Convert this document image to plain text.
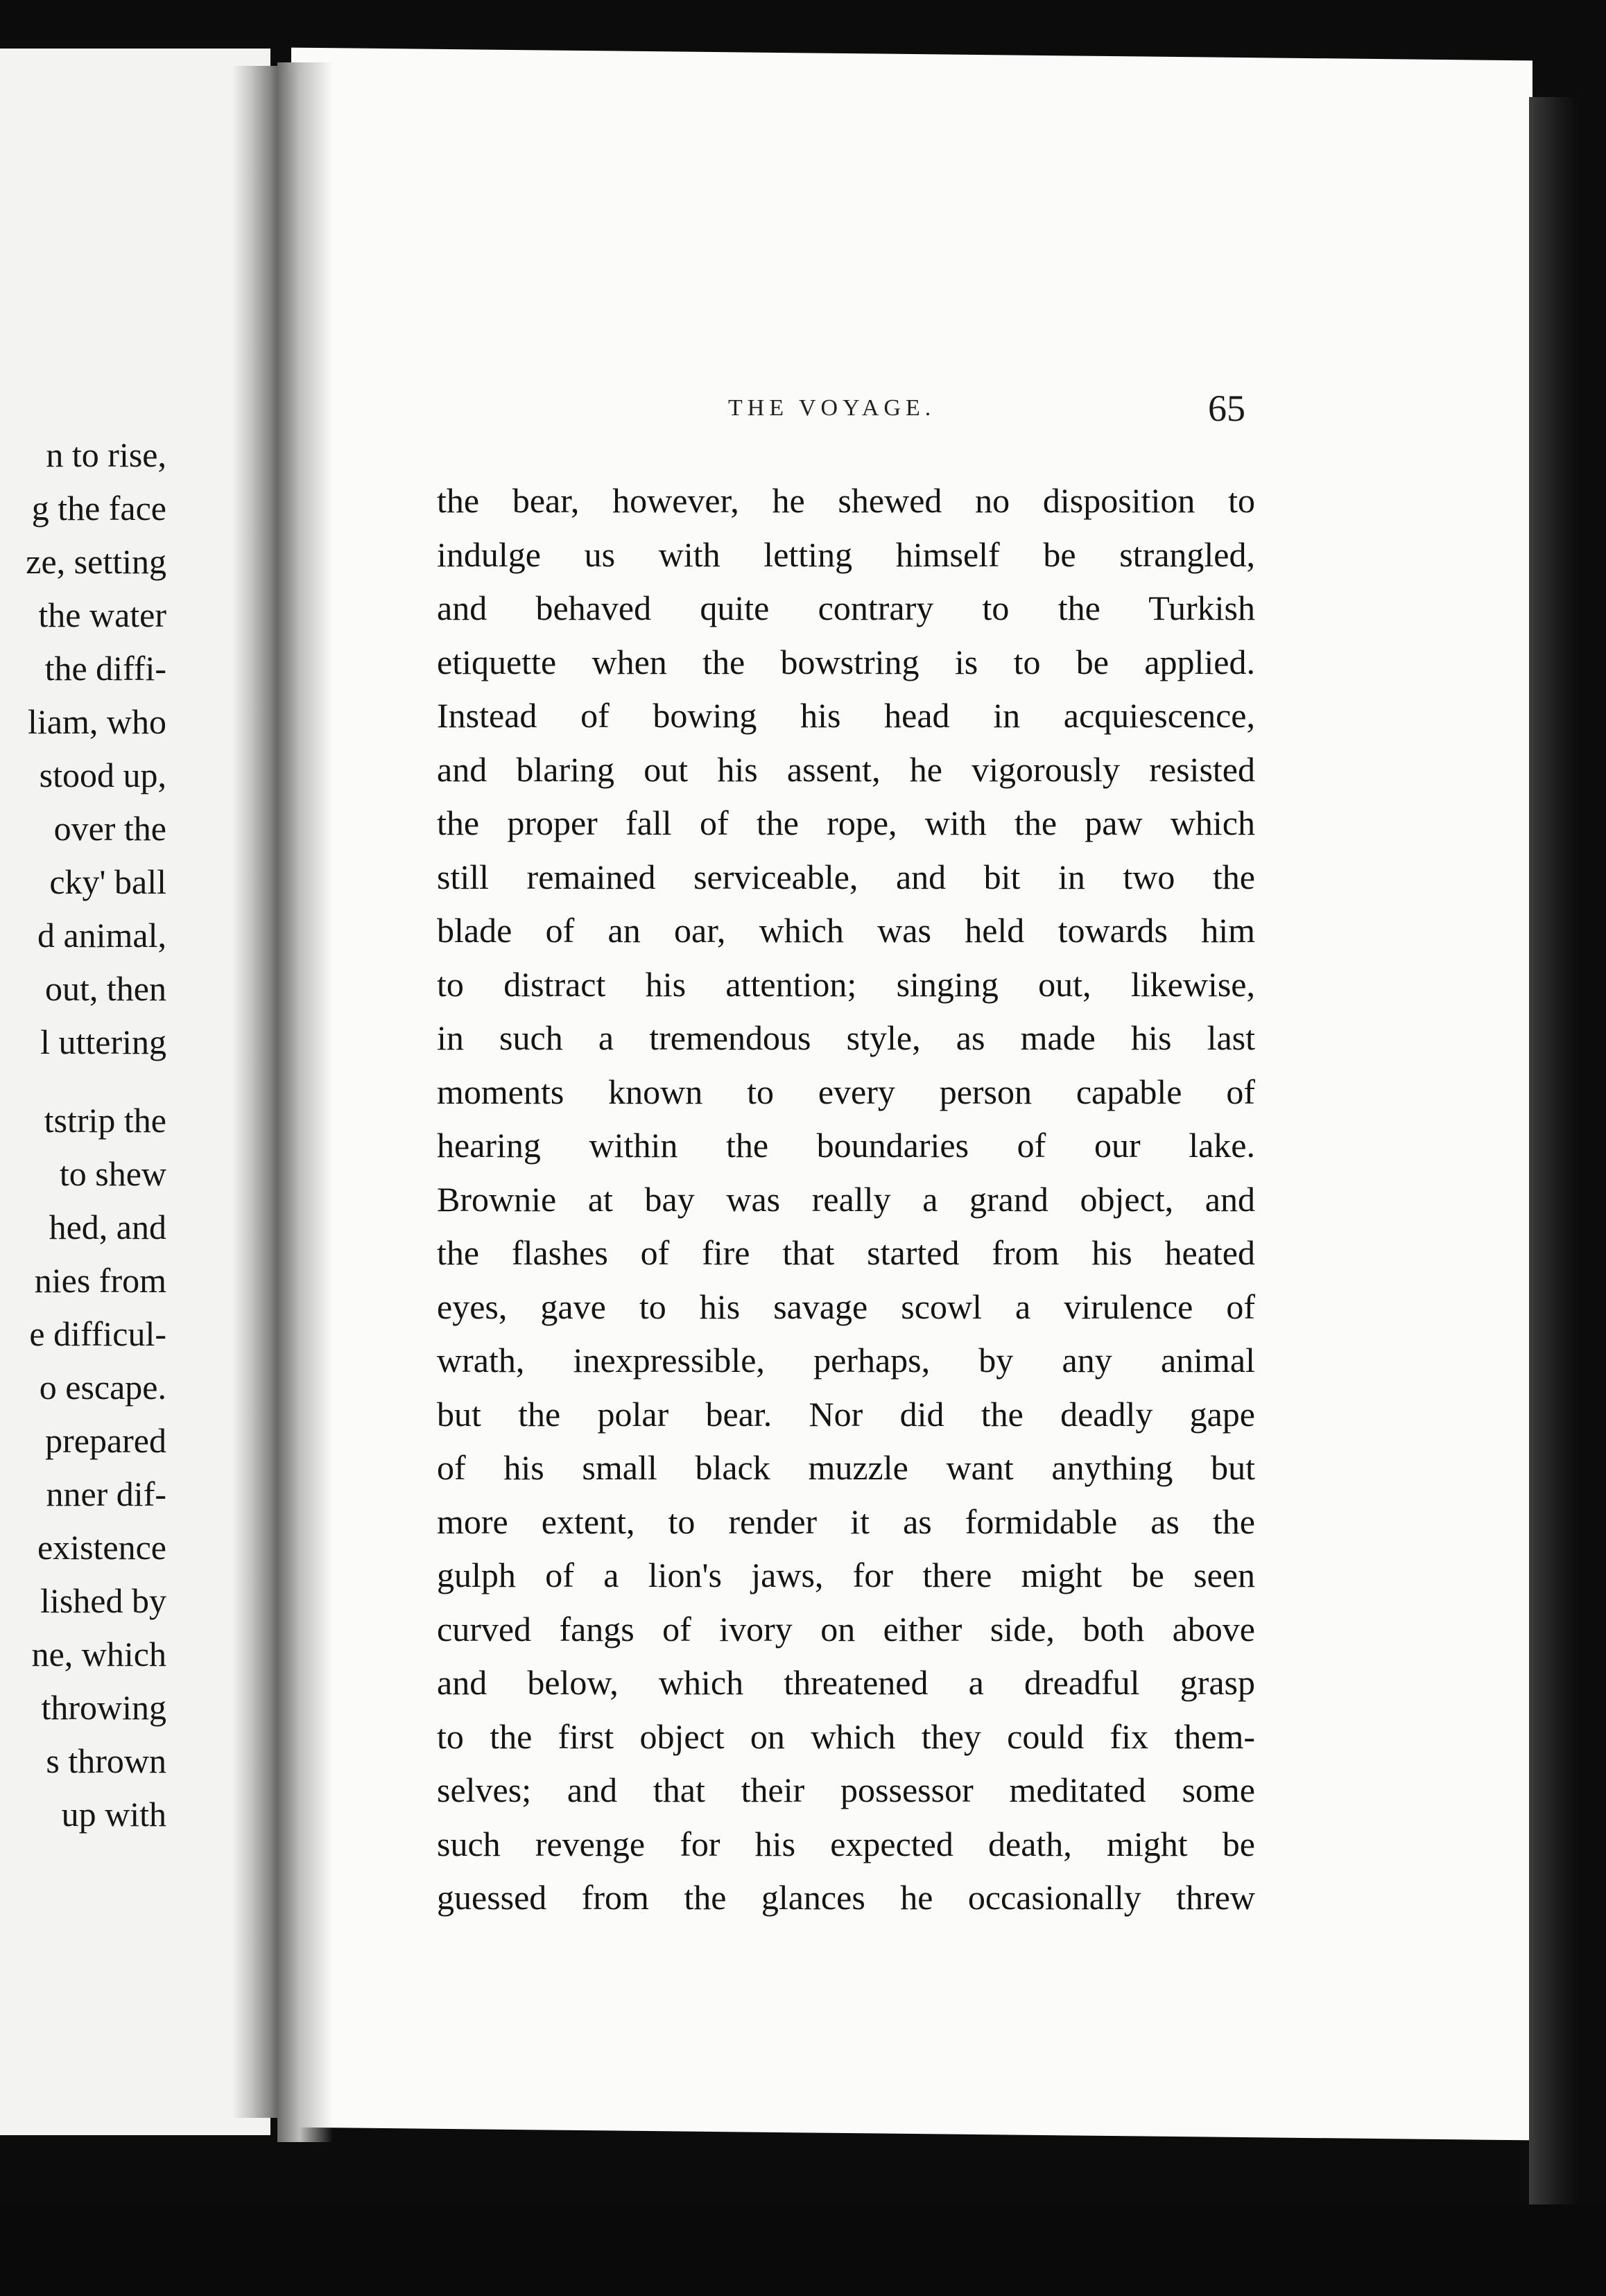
n to rise,
g the face
ze, setting
the water
the diffi-
liam, who
stood up,
over the
cky' ball
d animal,
out, then
l uttering
tstrip the
to shew
hed, and
nies from
e difficul-
o escape.
prepared
nner dif-
existence
lished by
ne, which
throwing
s thrown
up with
THE VOYAGE.	65
the bear, however, he shewed no disposition to
indulge us with letting himself be strangled,
and behaved quite contrary to the Turkish
etiquette when the bowstring is to be applied.
Instead of bowing his head in acquiescence,
and blaring out his assent, he vigorously resisted
the proper fall of the rope, with the paw which
still remained serviceable, and bit in two the
blade of an oar, which was held towards him
to distract his attention; singing out, likewise,
in such a tremendous style, as made his last
moments known to every person capable of
hearing within the boundaries of our lake.
Brownie at bay was really a grand object, and
the flashes of fire that started from his heated
eyes, gave to his savage scowl a virulence of
wrath, inexpressible, perhaps, by any animal
but the polar bear. Nor did the deadly gape
of his small black muzzle want anything but
more extent, to render it as formidable as the
gulph of a lion's jaws, for there might be seen
curved fangs of ivory on either side, both above
and below, which threatened a dreadful grasp
to the first object on which they could fix them-
selves; and that their possessor meditated some
such revenge for his expected death, might be
guessed from the glances he occasionally threw
